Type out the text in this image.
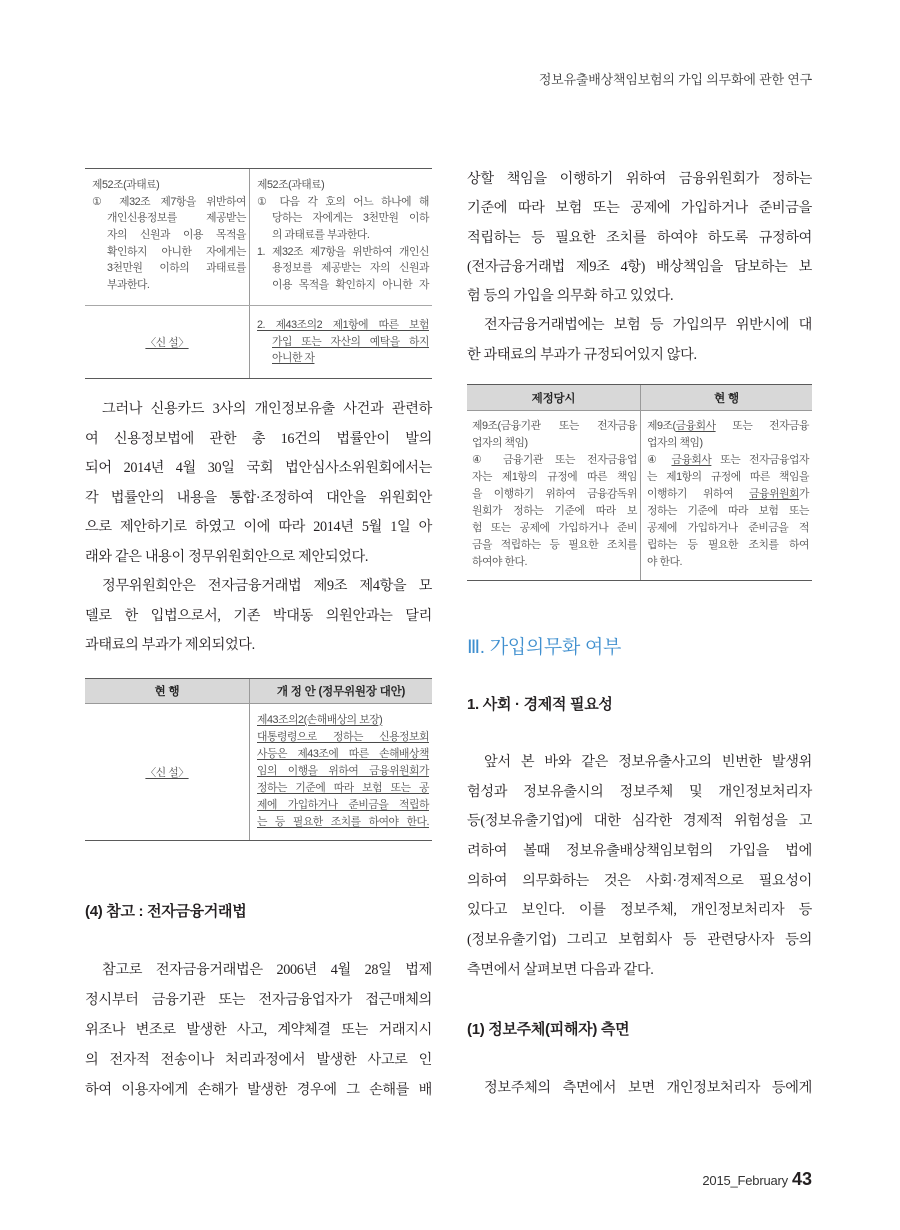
정보유출배상책임보험의 가입 의무화에 관한 연구
제52조(과태료)
① 제32조 제7항을 위반하여
개인신용정보를 제공받는
자의 신원과 이용 목적을
확인하지 아니한 자에게는
3천만원 이하의 과태료를
부과한다.
제52조(과태료)
① 다음 각 호의 어느 하나에 해
당하는 자에게는 3천만원 이하
의 과태료를 부과한다.
1. 제32조 제7항을 위반하여 개인신
용정보를 제공받는 자의 신원과
이용 목적을 확인하지 아니한 자
〈신 설〉
2. 제43조의2 제1항에 따른 보험
가입 또는 자산의 예탁을 하지
아니한 자
그러나 신용카드 3사의 개인정보유출 사건과 관련하
여 신용정보법에 관한 총 16건의 법률안이 발의
되어 2014년 4월 30일 국회 법안심사소위원회에서는
각 법률안의 내용을 통합·조정하여 대안을 위원회안
으로 제안하기로 하였고 이에 따라 2014년 5월 1일 아
래와 같은 내용이 정무위원회안으로 제안되었다.
정무위원회안은 전자금융거래법 제9조 제4항을 모
델로 한 입법으로서, 기존 박대동 의원안과는 달리
과태료의 부과가 제외되었다.
현 행	개 정 안 (정무위원장 대안)
〈신 설〉
제43조의2(손해배상의 보장)
대통령령으로 정하는 신용정보회
사등은 제43조에 따른 손해배상책
임의 이행을 위하여 금융위원회가
정하는 기준에 따라 보험 또는 공
제에 가입하거나 준비금을 적립하
는 등 필요한 조치를 하여야 한다.
(4) 참고 : 전자금융거래법
참고로 전자금융거래법은 2006년 4월 28일 법제
정시부터 금융기관 또는 전자금융업자가 접근매체의
위조나 변조로 발생한 사고, 계약체결 또는 거래지시
의 전자적 전송이나 처리과정에서 발생한 사고로 인
하여 이용자에게 손해가 발생한 경우에 그 손해를 배
상할 책임을 이행하기 위하여 금융위원회가 정하는
기준에 따라 보험 또는 공제에 가입하거나 준비금을
적립하는 등 필요한 조치를 하여야 하도록 규정하여
(전자금융거래법 제9조 4항) 배상책임을 담보하는 보
험 등의 가입을 의무화 하고 있었다.
전자금융거래법에는 보험 등 가입의무 위반시에 대
한 과태료의 부과가 규정되어있지 않다.
제정당시	현 행
제9조(금융기관 또는 전자금융
업자의 책임)
④ 금융기관 또는 전자금융업
자는 제1항의 규정에 따른 책임
을 이행하기 위하여 금융감독위
원회가 정하는 기준에 따라 보
험 또는 공제에 가입하거나 준비
금을 적립하는 등 필요한 조치를
하여야 한다.
제9조(금융회사 또는 전자금융
업자의 책임)
④ 금융회사 또는 전자금융업자
는 제1항의 규정에 따른 책임을
이행하기 위하여 금융위원회가
정하는 기준에 따라 보험 또는
공제에 가입하거나 준비금을 적
립하는 등 필요한 조치를 하여
야 한다.
Ⅲ. 가입의무화 여부
1. 사회 · 경제적 필요성
앞서 본 바와 같은 정보유출사고의 빈번한 발생위
험성과 정보유출시의 정보주체 및 개인정보처리자
등(정보유출기업)에 대한 심각한 경제적 위험성을 고
려하여 볼때 정보유출배상책임보험의 가입을 법에
의하여 의무화하는 것은 사회·경제적으로 필요성이
있다고 보인다. 이를 정보주체, 개인정보처리자 등
(정보유출기업) 그리고 보험회사 등 관련당사자 등의
측면에서 살펴보면 다음과 같다.
(1) 정보주체(피해자) 측면
정보주체의 측면에서 보면 개인정보처리자 등에게
2015_February 43
